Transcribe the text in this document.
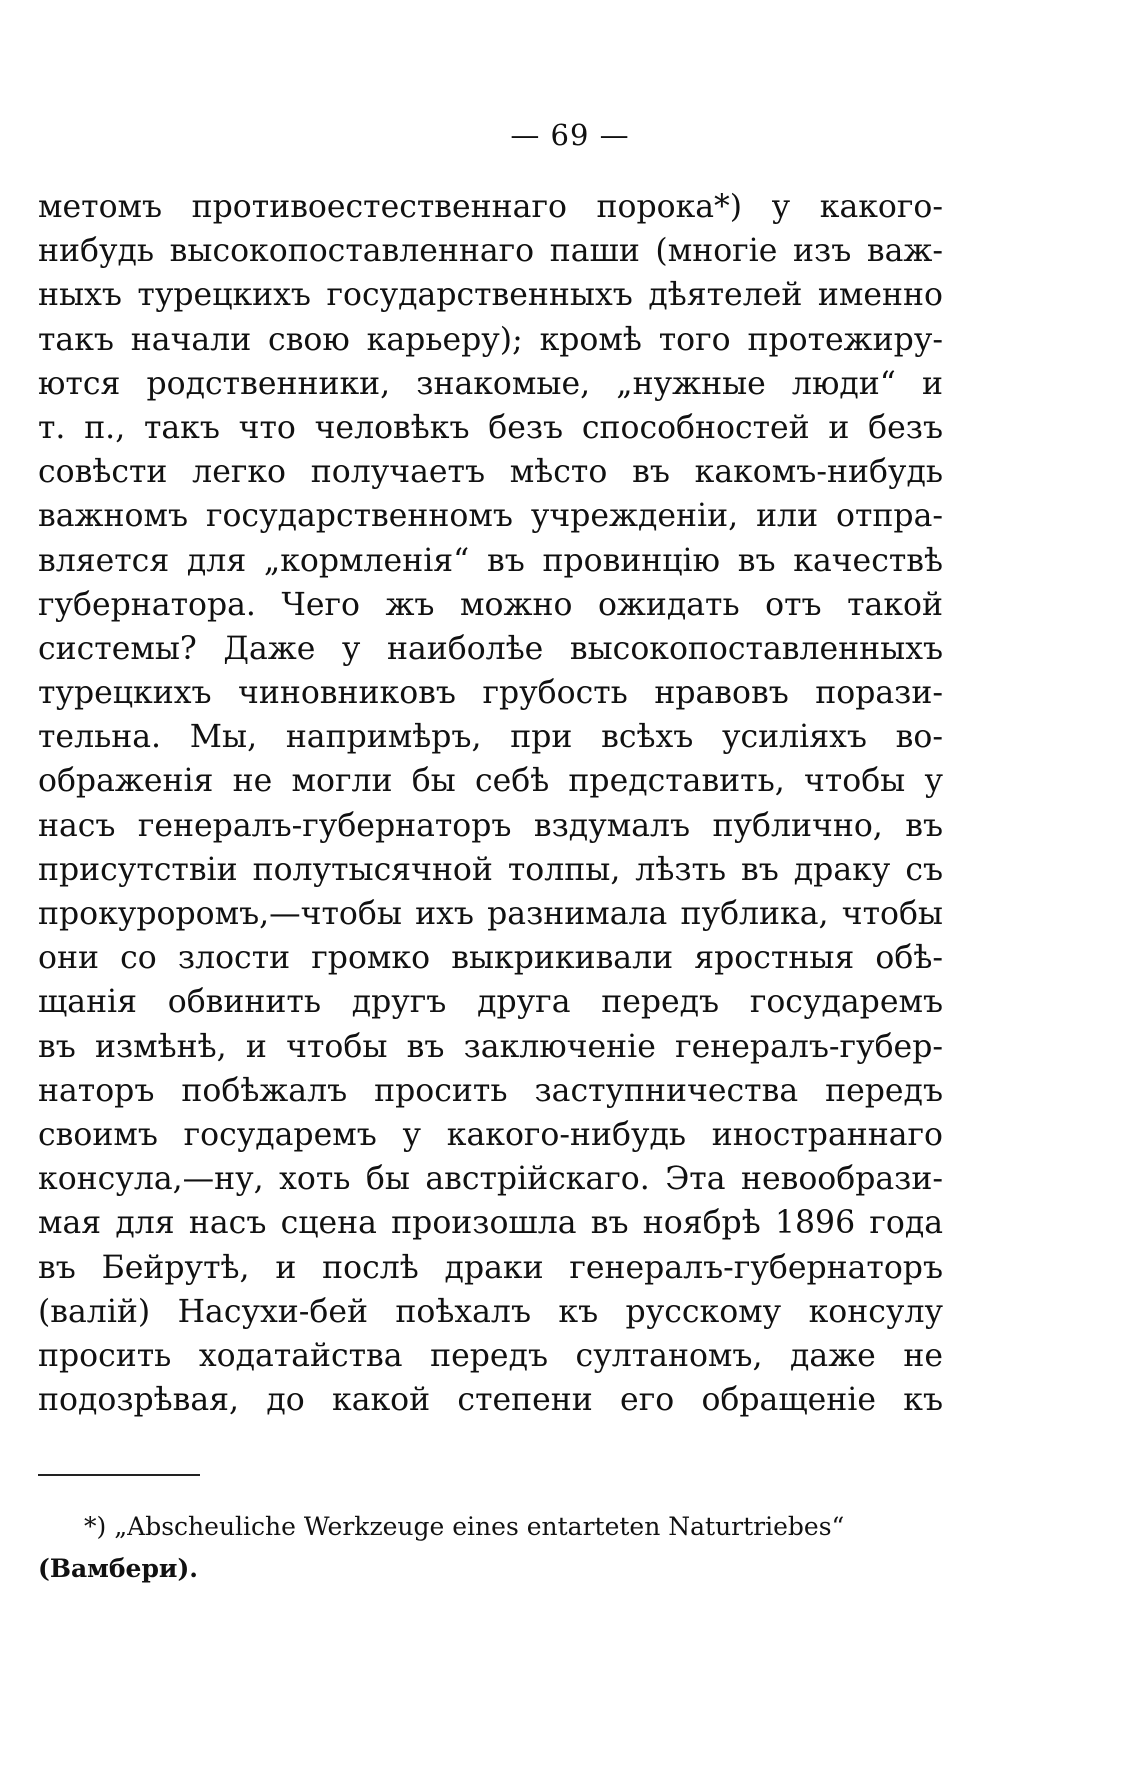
— 69 —
метомъ противоестественнаго порока*) у какого-
нибудь высокопоставленнаго паши (многіе изъ важ-
ныхъ турецкихъ государственныхъ дѣятелей именно
такъ начали свою карьеру); кромѣ того протежиру-
ются родственники, знакомые, „нужные люди“ и
т. п., такъ что человѣкъ безъ способностей и безъ
совѣсти легко получаетъ мѣсто въ какомъ-нибудь
важномъ государственномъ учрежденіи, или отпра-
вляется для „кормленія“ въ провинцію въ качествѣ
губернатора. Чего жъ можно ожидать отъ такой
системы? Даже у наиболѣе высокопоставленныхъ
турецкихъ чиновниковъ грубость нравовъ порази-
тельна. Мы, напримѣръ, при всѣхъ усиліяхъ во-
ображенія не могли бы себѣ представить, чтобы у
насъ генералъ-губернаторъ вздумалъ публично, въ
присутствіи полутысячной толпы, лѣзть въ драку съ
прокуроромъ,—чтобы ихъ разнимала публика, чтобы
они со злости громко выкрикивали яростныя обѣ-
щанія обвинить другъ друга передъ государемъ
въ измѣнѣ, и чтобы въ заключеніе генералъ-губер-
наторъ побѣжалъ просить заступничества передъ
своимъ государемъ у какого-нибудь иностраннаго
консула,—ну, хоть бы австрійскаго. Эта невообрази-
мая для насъ сцена произошла въ ноябрѣ 1896 года
въ Бейрутѣ, и послѣ драки генералъ-губернаторъ
(валій) Насухи-бей поѣхалъ къ русскому консулу
просить ходатайства передъ султаномъ, даже не
подозрѣвая, до какой степени его обращеніе къ
*) „Abscheuliche Werkzeuge eines entarteten Naturtriebes“
(Вамбери).
